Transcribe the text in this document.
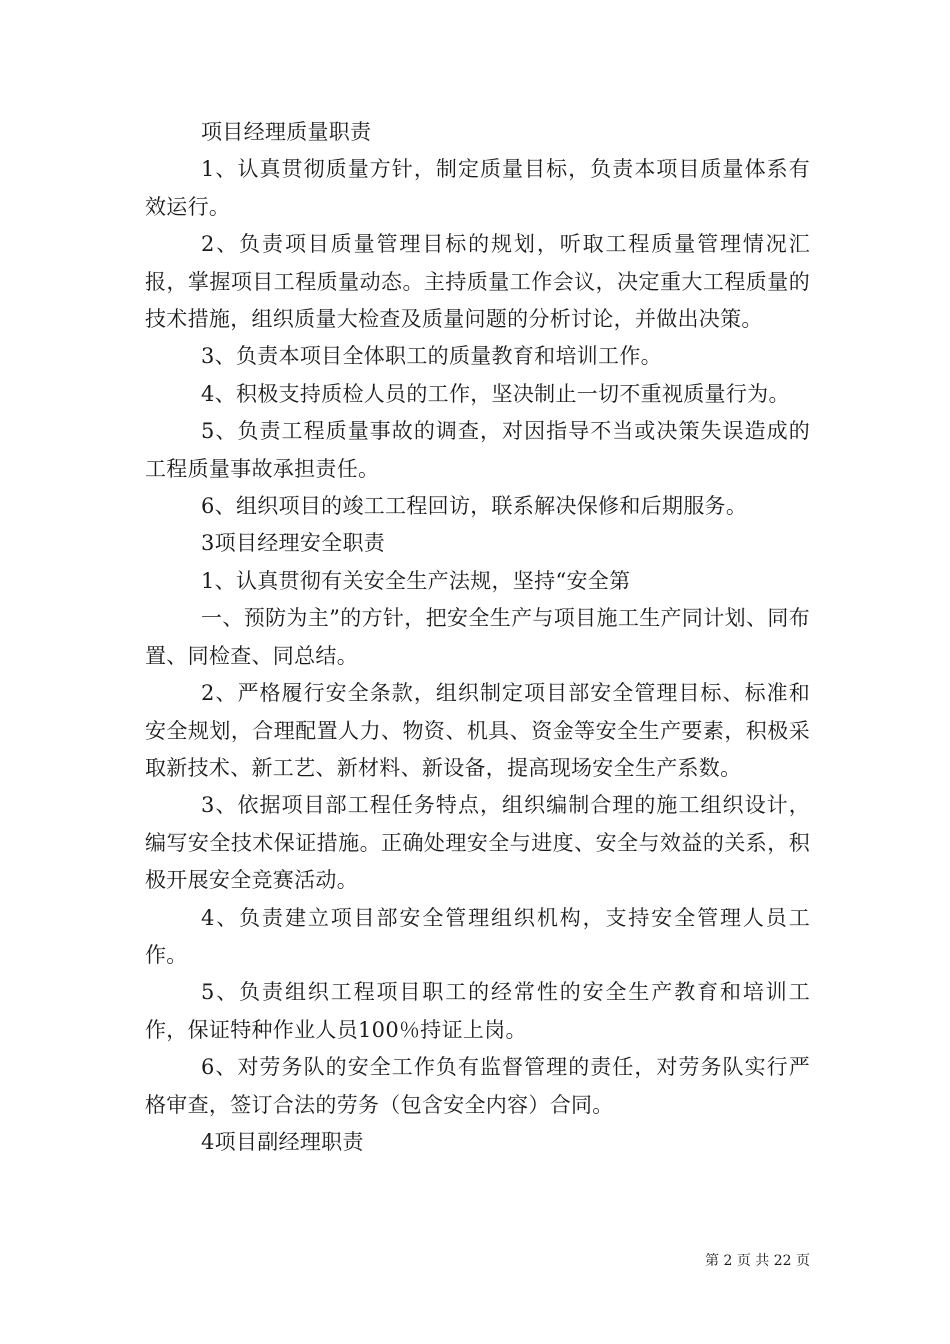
项目经理质量职责

1、认真贯彻质量方针，制定质量目标，负责本项目质量体系有效运行。

2、负责项目质量管理目标的规划，听取工程质量管理情况汇报，掌握项目工程质量动态。主持质量工作会议，决定重大工程质量的技术措施，组织质量大检查及质量问题的分析讨论，并做出决策。

3、负责本项目全体职工的质量教育和培训工作。

4、积极支持质检人员的工作，坚决制止一切不重视质量行为。

5、负责工程质量事故的调查，对因指导不当或决策失误造成的工程质量事故承担责任。

6、组织项目的竣工工程回访，联系解决保修和后期服务。

3项目经理安全职责

1、认真贯彻有关安全生产法规，坚持“安全第

一、预防为主”的方针，把安全生产与项目施工生产同计划、同布置、同检查、同总结。

2、严格履行安全条款，组织制定项目部安全管理目标、标准和安全规划，合理配置人力、物资、机具、资金等安全生产要素，积极采取新技术、新工艺、新材料、新设备，提高现场安全生产系数。

3、依据项目部工程任务特点，组织编制合理的施工组织设计，编写安全技术保证措施。正确处理安全与进度、安全与效益的关系，积极开展安全竞赛活动。

4、负责建立项目部安全管理组织机构，支持安全管理人员工作。

5、负责组织工程项目职工的经常性的安全生产教育和培训工作，保证特种作业人员100％持证上岗。

6、对劳务队的安全工作负有监督管理的责任，对劳务队实行严格审查，签订合法的劳务（包含安全内容）合同。

4项目副经理职责

第 2 页 共 22 页
